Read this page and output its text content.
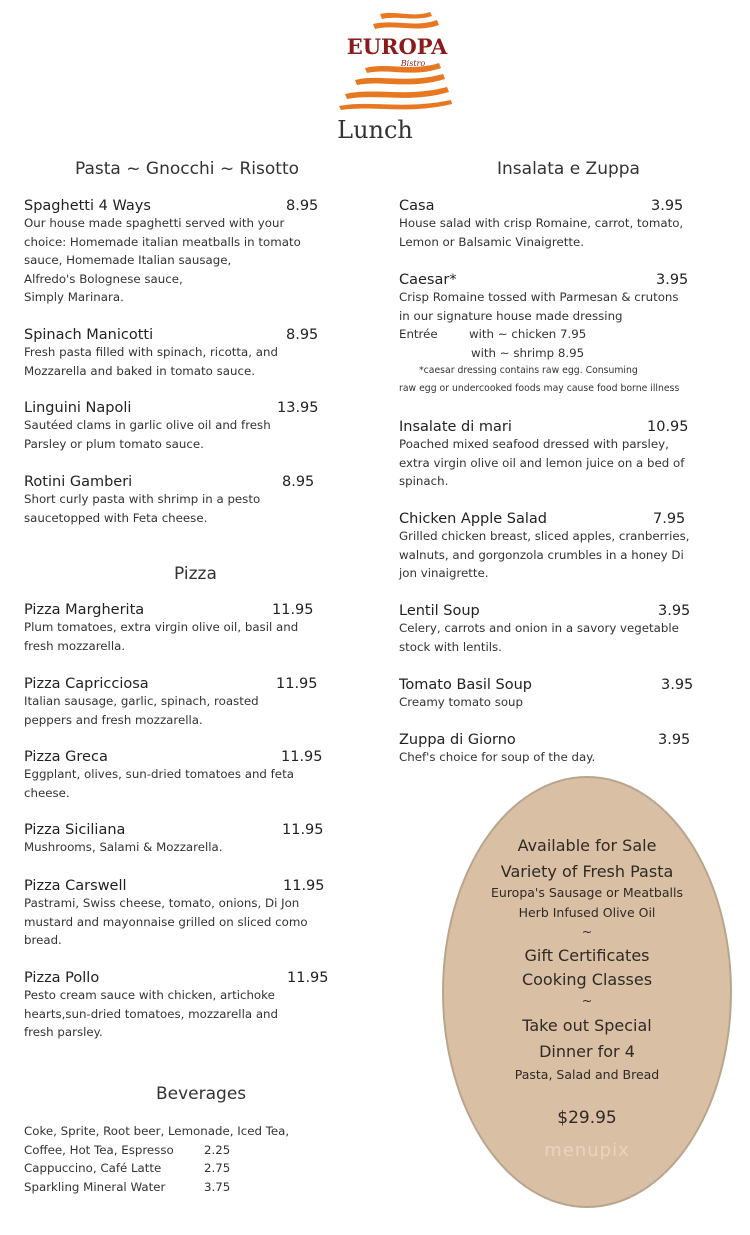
EUROPA
Bistro
Lunch
Pasta ~ Gnocchi ~ Risotto
Spaghetti 4 Ways	8.95
Our house made spaghetti served with your
choice: Homemade italian meatballs in tomato
sauce, Homemade Italian sausage,
Alfredo's Bolognese sauce,
Simply Marinara.
Spinach Manicotti	8.95
Fresh pasta filled with spinach, ricotta, and
Mozzarella and baked in tomato sauce.
Linguini Napoli	13.95
Sautéed clams in garlic olive oil and fresh
Parsley or plum tomato sauce.
Rotini Gamberi	8.95
Short curly pasta with shrimp in a pesto
saucetopped with Feta cheese.
Pizza
Pizza Margherita	11.95
Plum tomatoes, extra virgin olive oil, basil and
fresh mozzarella.
Pizza Capricciosa	11.95
Italian sausage, garlic, spinach, roasted
peppers and fresh mozzarella.
Pizza Greca	11.95
Eggplant, olives, sun-dried tomatoes and feta
cheese.
Pizza Siciliana	11.95
Mushrooms, Salami & Mozzarella.
Pizza Carswell	11.95
Pastrami, Swiss cheese, tomato, onions, Di Jon
mustard and mayonnaise grilled on sliced como
bread.
Pizza Pollo	11.95
Pesto cream sauce with chicken, artichoke
hearts,sun-dried tomatoes, mozzarella and
fresh parsley.
Beverages
Coke, Sprite, Root beer, Lemonade, Iced Tea,
Coffee, Hot Tea, Espresso	2.25
Cappuccino, Café Latte	2.75
Sparkling Mineral Water	3.75
Insalata e Zuppa
Casa	3.95
House salad with crisp Romaine, carrot, tomato,
Lemon or Balsamic Vinaigrette.
Caesar*	3.95
Crisp Romaine tossed with Parmesan & crutons
in our signature house made dressing
Entrée	with ~ chicken 7.95
with ~ shrimp 8.95
*caesar dressing contains raw egg. Consuming
raw egg or undercooked foods may cause food borne illness
Insalate di mari	10.95
Poached mixed seafood dressed with parsley,
extra virgin olive oil and lemon juice on a bed of
spinach.
Chicken Apple Salad	7.95
Grilled chicken breast, sliced apples, cranberries,
walnuts, and gorgonzola crumbles in a honey Di
jon vinaigrette.
Lentil Soup	3.95
Celery, carrots and onion in a savory vegetable
stock with lentils.
Tomato Basil Soup	3.95
Creamy tomato soup
Zuppa di Giorno	3.95
Chef's choice for soup of the day.
Available for Sale
Variety of Fresh Pasta
Europa's Sausage or Meatballs
Herb Infused Olive Oil
~
Gift Certificates
Cooking Classes
~
Take out Special
Dinner for 4
Pasta, Salad and Bread
$29.95
menupix
